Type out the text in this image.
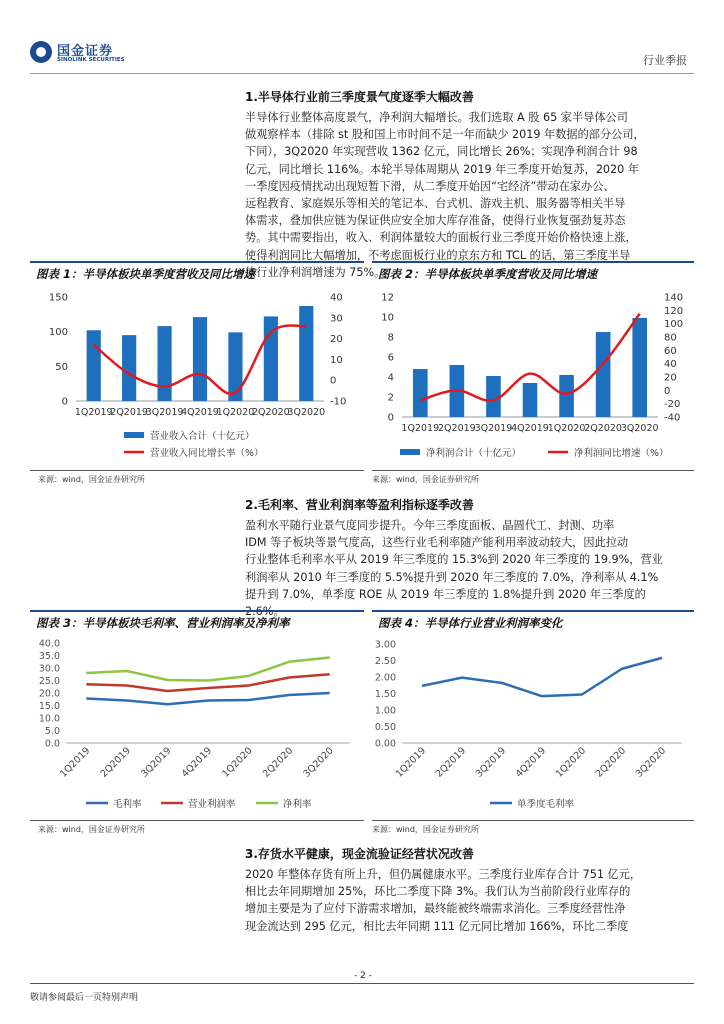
国金证券
SINOLINK SECURITIES	行业季报
1.半导体行业前三季度景气度逐季大幅改善
半导体行业整体高度景气，净利润大幅增长。我们选取 A 股 65 家半导体公司
做观察样本（排除 st 股和国上市时间不足一年而缺少 2019 年数据的部分公司，
下同），3Q2020 年实现营收 1362 亿元，同比增长 26%；实现净利润合计 98
亿元，同比增长 116%。本轮半导体周期从 2019 年三季度开始复苏，2020 年
一季度因疫情扰动出现短暂下滑，从二季度开始因“宅经济”带动在家办公、
远程教育、家庭娱乐等相关的笔记本、台式机、游戏主机、服务器等相关半导
体需求，叠加供应链为保证供应安全加大库存准备，使得行业恢复强劲复苏态
势。其中需要指出，收入、利润体量较大的面板行业三季度开始价格快速上涨，
使得利润同比大幅增加，不考虑面板行业的京东方和 TCL 的话，第三季度半导
体行业净利润增速为 75%。
图表 1：半导体板块单季度营收及同比增速
0
50
100
150
-10
0
10
20
30
40
1Q2019
2Q2019
3Q2019
4Q2019
1Q2020
2Q2020
3Q2020
营业收入合计（十亿元）
营业收入同比增长率（%）
来源：wind，国金证券研究所
图表 2：半导体板块单季度营收及同比增速
0
2
4
6
8
10
12
-40
-20
0
20
40
60
80
100
120
140
1Q2019
2Q2019
3Q2019
4Q2019
1Q2020
2Q2020
3Q2020
净利润合计（十亿元）	净利润同比增速（%）
来源：wind，国金证券研究所
2.毛利率、营业利润率等盈利指标逐季改善
盈利水平随行业景气度同步提升。今年三季度面板、晶圆代工、封测、功率
IDM 等子板块等景气度高，这些行业毛利率随产能利用率波动较大，因此拉动
行业整体毛利率水平从 2019 年三季度的 15.3%到 2020 年三季度的 19.9%，营业
利润率从 2010 年三季度的 5.5%提升到 2020 年三季度的 7.0%，净利率从 4.1%
提升到 7.0%，单季度 ROE 从 2019 年三季度的 1.8%提升到 2020 年三季度的
2.6%。
图表 3：半导体板块毛利率、营业利润率及净利率
0.0
5.0
10.0
15.0
20.0
25.0
30.0
35.0
40.0
1Q2019 2Q2019 3Q2019 4Q2019 1Q2020 2Q2020 3Q2020
毛利率	营业利润率	净利率
来源：wind，国金证券研究所
图表 4：半导体行业营业利润率变化
0.00
0.50
1.00
1.50
2.00
2.50
3.00
1Q2019 2Q2019 3Q2019 4Q2019 1Q2020 2Q2020 3Q2020
单季度毛利率
来源：wind，国金证券研究所
3.存货水平健康，现金流验证经营状况改善
2020 年整体存货有所上升，但仍属健康水平。三季度行业库存合计 751 亿元，
相比去年同期增加 25%，环比二季度下降 3%。我们认为当前阶段行业库存的
增加主要是为了应付下游需求增加，最终能被终端需求消化。三季度经营性净
现金流达到 295 亿元，相比去年同期 111 亿元同比增加 166%，环比二季度
- 2 -
敬请参阅最后一页特别声明
